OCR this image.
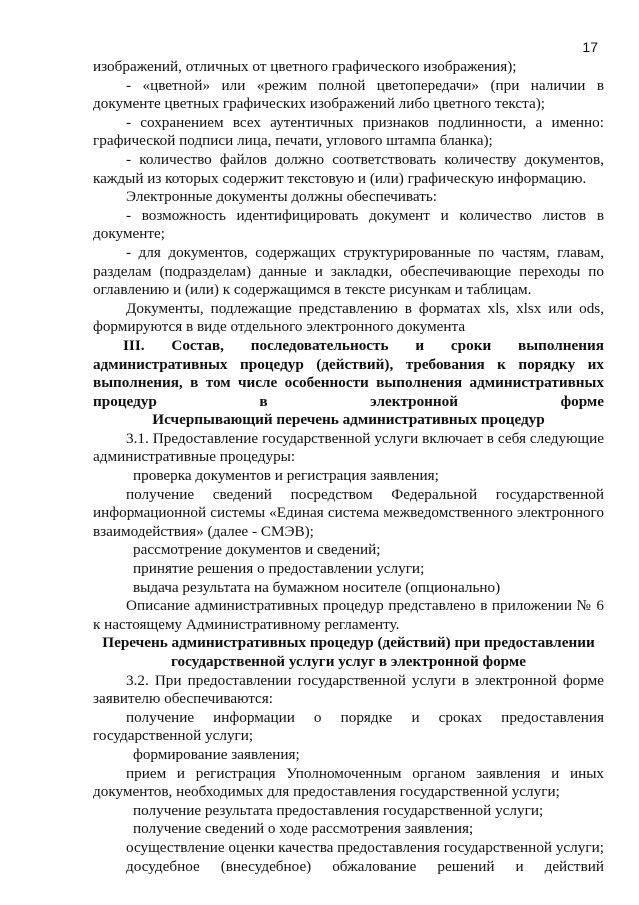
17

изображений, отличных от цветного графического изображения);

- «цветной» или «режим полной цветопередачи» (при наличии в документе цветных графических изображений либо цветного текста);

- сохранением всех аутентичных признаков подлинности, а именно: графической подписи лица, печати, углового штампа бланка);

- количество файлов должно соответствовать количеству документов, каждый из которых содержит текстовую и (или) графическую информацию.

Электронные документы должны обеспечивать:

- возможность идентифицировать документ и количество листов в документе;

- для документов, содержащих структурированные по частям, главам, разделам (подразделам) данные и закладки, обеспечивающие переходы по оглавлению и (или) к содержащимся в тексте рисункам и таблицам.

Документы, подлежащие представлению в форматах xls, xlsx или ods, формируются в виде отдельного электронного документа

III. Состав, последовательность и сроки выполнения административных процедур (действий), требования к порядку их выполнения, в том числе особенности выполнения административных процедур в электронной форме

Исчерпывающий перечень административных процедур

3.1. Предоставление государственной услуги включает в себя следующие административные процедуры:

проверка документов и регистрация заявления;

получение сведений посредством Федеральной государственной информационной системы «Единая система межведомственного электронного взаимодействия» (далее - СМЭВ);

рассмотрение документов и сведений;

принятие решения о предоставлении услуги;

выдача результата на бумажном носителе (опционально)

Описание административных процедур представлено в приложении № 6 к настоящему Административному регламенту.

Перечень административных процедур (действий) при предоставлении государственной услуги услуг в электронной форме

3.2. При предоставлении государственной услуги в электронной форме заявителю обеспечиваются:

получение информации о порядке и сроках предоставления государственной услуги;

формирование заявления;

прием и регистрация Уполномоченным органом заявления и иных документов, необходимых для предоставления государственной услуги;

получение результата предоставления государственной услуги;

получение сведений о ходе рассмотрения заявления;

осуществление оценки качества предоставления государственной услуги;

досудебное (внесудебное) обжалование решений и действий
